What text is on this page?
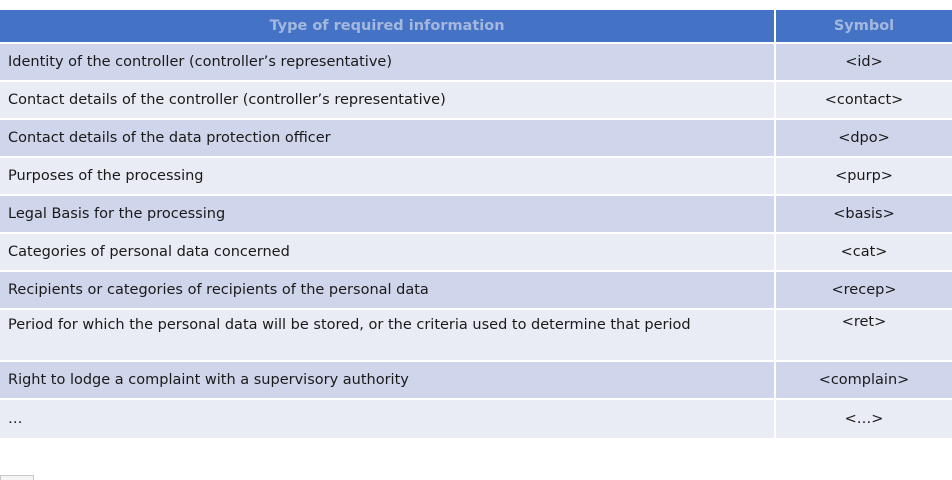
Type of required information	Symbol
Identity of the controller (controller’s representative)	<id>
Contact details of the controller (controller’s representative)	<contact>
Contact details of the data protection officer	<dpo>
Purposes of the processing	<purp>
Legal Basis for the processing	<basis>
Categories of personal data concerned	<cat>
Recipients or categories of recipients of the personal data	<recep>
Period for which the personal data will be stored, or the criteria used to determine that period	<ret>
Right to lodge a complaint with a supervisory authority	<complain>
…	<…>
